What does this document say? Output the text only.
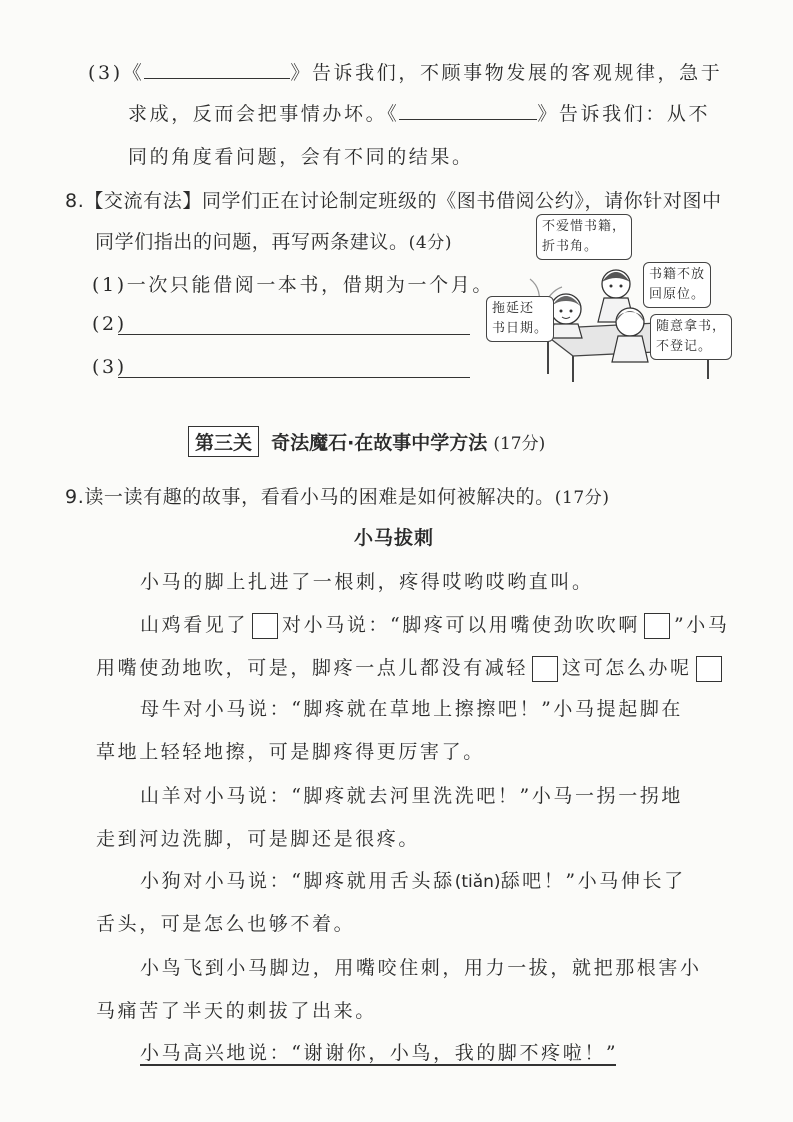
(3)《	》告诉我们，不顾事物发展的客观规律，急于
求成，反而会把事情办坏。《	》告诉我们：从不
同的角度看问题，会有不同的结果。
8.【交流有法】同学们正在讨论制定班级的《图书借阅公约》，请你针对图中
同学们指出的问题，再写两条建议。(4分)
(1)一次只能借阅一本书，借期为一个月。
(2)
(3)
不爱惜书籍，
折书角。
书籍不放
回原位。
拖延还
书日期。	随意拿书，
不登记。
第三关 奇法魔石·在故事中学方法 (17分)
9.读一读有趣的故事，看看小马的困难是如何被解决的。(17分)
小马拔刺
小马的脚上扎进了一根刺，疼得哎哟哎哟直叫。
山鸡看见了 对小马说：“脚疼可以用嘴使劲吹吹啊 ”小马
用嘴使劲地吹，可是，脚疼一点儿都没有减轻 这可怎么办呢
母牛对小马说：“脚疼就在草地上擦擦吧！”小马提起脚在
草地上轻轻地擦，可是脚疼得更厉害了。
山羊对小马说：“脚疼就去河里洗洗吧！”小马一拐一拐地
走到河边洗脚，可是脚还是很疼。
小狗对小马说：“脚疼就用舌头舔(tiǎn)舔吧！”小马伸长了
舌头，可是怎么也够不着。
小鸟飞到小马脚边，用嘴咬住刺，用力一拔，就把那根害小
马痛苦了半天的刺拔了出来。
小马高兴地说：“谢谢你，小鸟，我的脚不疼啦！”
